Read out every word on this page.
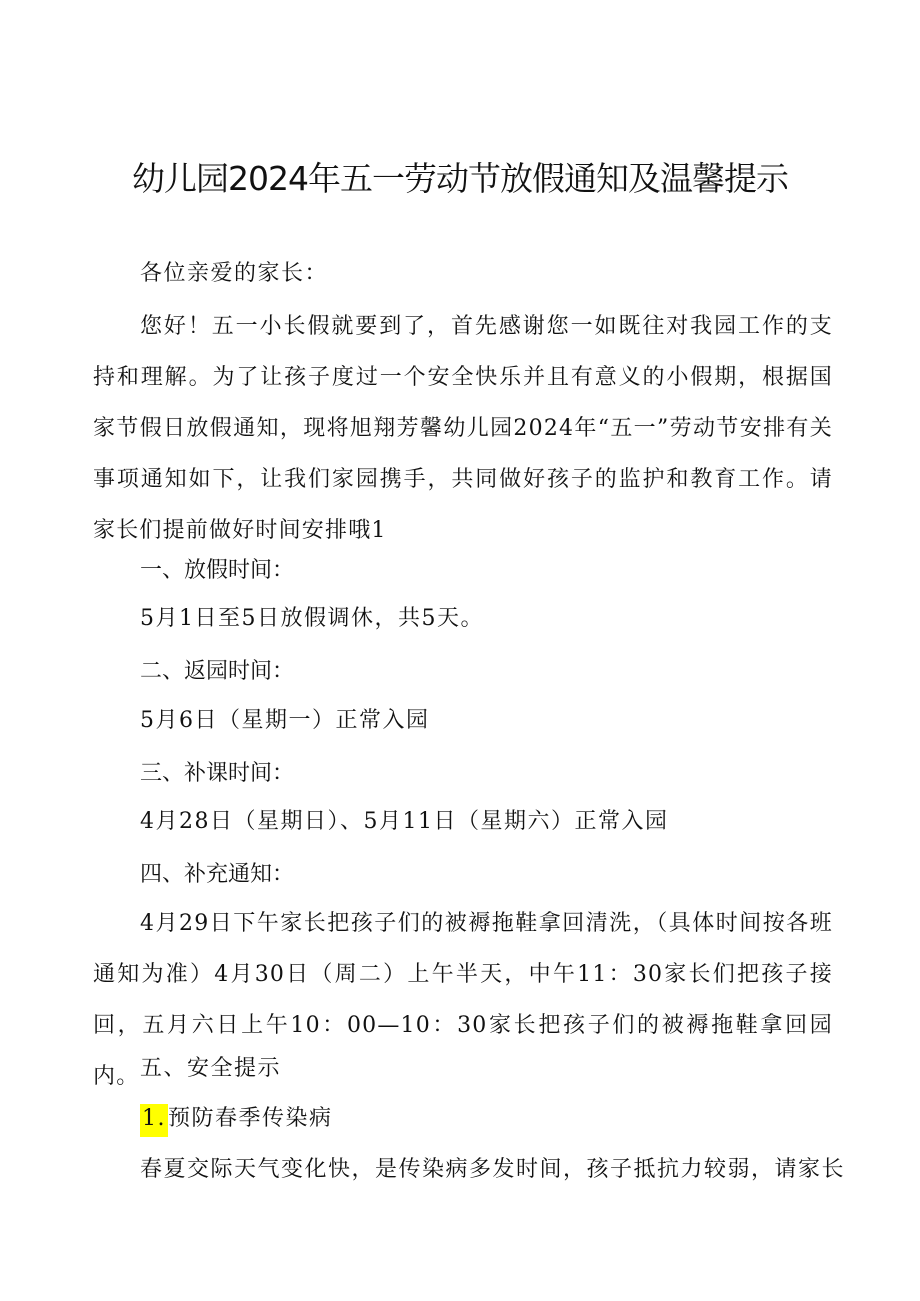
幼儿园2024年五一劳动节放假通知及温馨提示
各位亲爱的家长：
您好！五一小长假就要到了，首先感谢您一如既往对我园工作的支持和理解。为了让孩子度过一个安全快乐并且有意义的小假期，根据国家节假日放假通知，现将旭翔芳馨幼儿园2024年“五一”劳动节安排有关事项通知如下，让我们家园携手，共同做好孩子的监护和教育工作。请家长们提前做好时间安排哦1
一、放假时间：
5月1日至5日放假调休，共5天。
二、返园时间：
5月6日（星期一）正常入园
三、补课时间：
4月28日（星期日）、5月11日（星期六）正常入园
四、补充通知：
4月29日下午家长把孩子们的被褥拖鞋拿回清洗，（具体时间按各班通知为准）4月30日（周二）上午半天，中午11：30家长们把孩子接回，五月六日上午10：00—10：30家长把孩子们的被褥拖鞋拿回园内。 五、安全提示
1.预防春季传染病
春夏交际天气变化快，是传染病多发时间，孩子抵抗力较弱，请家长
